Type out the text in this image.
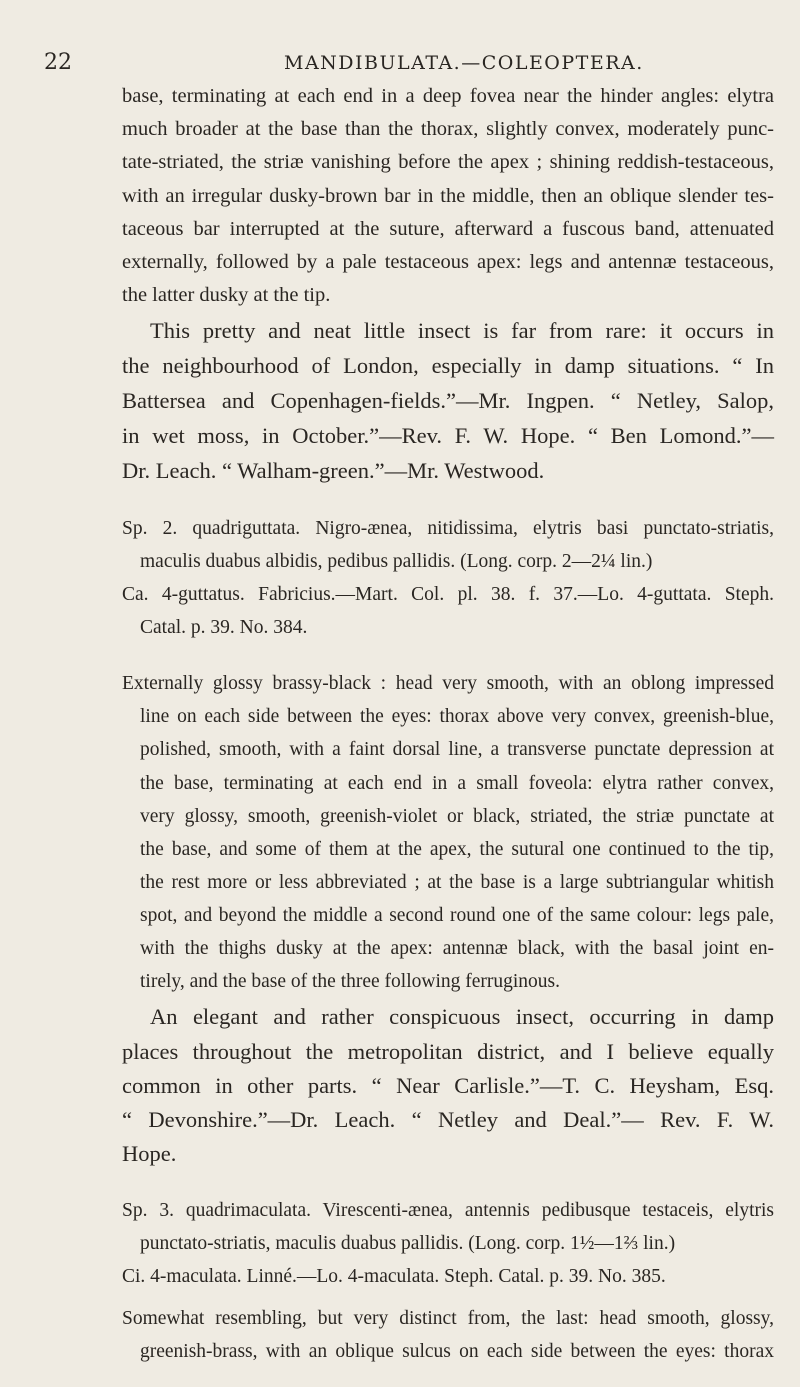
22	MANDIBULATA.—COLEOPTERA.
base, terminating at each end in a deep fovea near the hinder angles: elytra
much broader at the base than the thorax, slightly convex, moderately punc-
tate-striated, the striæ vanishing before the apex ; shining reddish-testaceous,
with an irregular dusky-brown bar in the middle, then an oblique slender tes-
taceous bar interrupted at the suture, afterward a fuscous band, attenuated
externally, followed by a pale testaceous apex: legs and antennæ testaceous,
the latter dusky at the tip.
This pretty and neat little insect is far from rare: it occurs in
the neighbourhood of London, especially in damp situations. “ In
Battersea and Copenhagen-fields.”—Mr. Ingpen. “ Netley, Salop,
in wet moss, in October.”—Rev. F. W. Hope. “ Ben Lomond.”—
Dr. Leach. “ Walham-green.”—Mr. Westwood.
Sp. 2. quadriguttata. Nigro-ænea, nitidissima, elytris basi punctato-striatis,
maculis duabus albidis, pedibus pallidis. (Long. corp. 2—2¼ lin.)
Ca. 4-guttatus. Fabricius.—Mart. Col. pl. 38. f. 37.—Lo. 4-guttata. Steph.
Catal. p. 39. No. 384.
Externally glossy brassy-black : head very smooth, with an oblong impressed
line on each side between the eyes: thorax above very convex, greenish-blue,
polished, smooth, with a faint dorsal line, a transverse punctate depression at
the base, terminating at each end in a small foveola: elytra rather convex,
very glossy, smooth, greenish-violet or black, striated, the striæ punctate at
the base, and some of them at the apex, the sutural one continued to the tip,
the rest more or less abbreviated ; at the base is a large subtriangular whitish
spot, and beyond the middle a second round one of the same colour: legs pale,
with the thighs dusky at the apex: antennæ black, with the basal joint en-
tirely, and the base of the three following ferruginous.
An elegant and rather conspicuous insect, occurring in damp
places throughout the metropolitan district, and I believe equally
common in other parts. “ Near Carlisle.”—T. C. Heysham, Esq.
“ Devonshire.”—Dr. Leach. “ Netley and Deal.”— Rev. F. W.
Hope.
Sp. 3. quadrimaculata. Virescenti-ænea, antennis pedibusque testaceis, elytris
punctato-striatis, maculis duabus pallidis. (Long. corp. 1½—1⅔ lin.)
Ci. 4-maculata. Linné.—Lo. 4-maculata. Steph. Catal. p. 39. No. 385.
Somewhat resembling, but very distinct from, the last: head smooth, glossy,
greenish-brass, with an oblique sulcus on each side between the eyes: thorax
